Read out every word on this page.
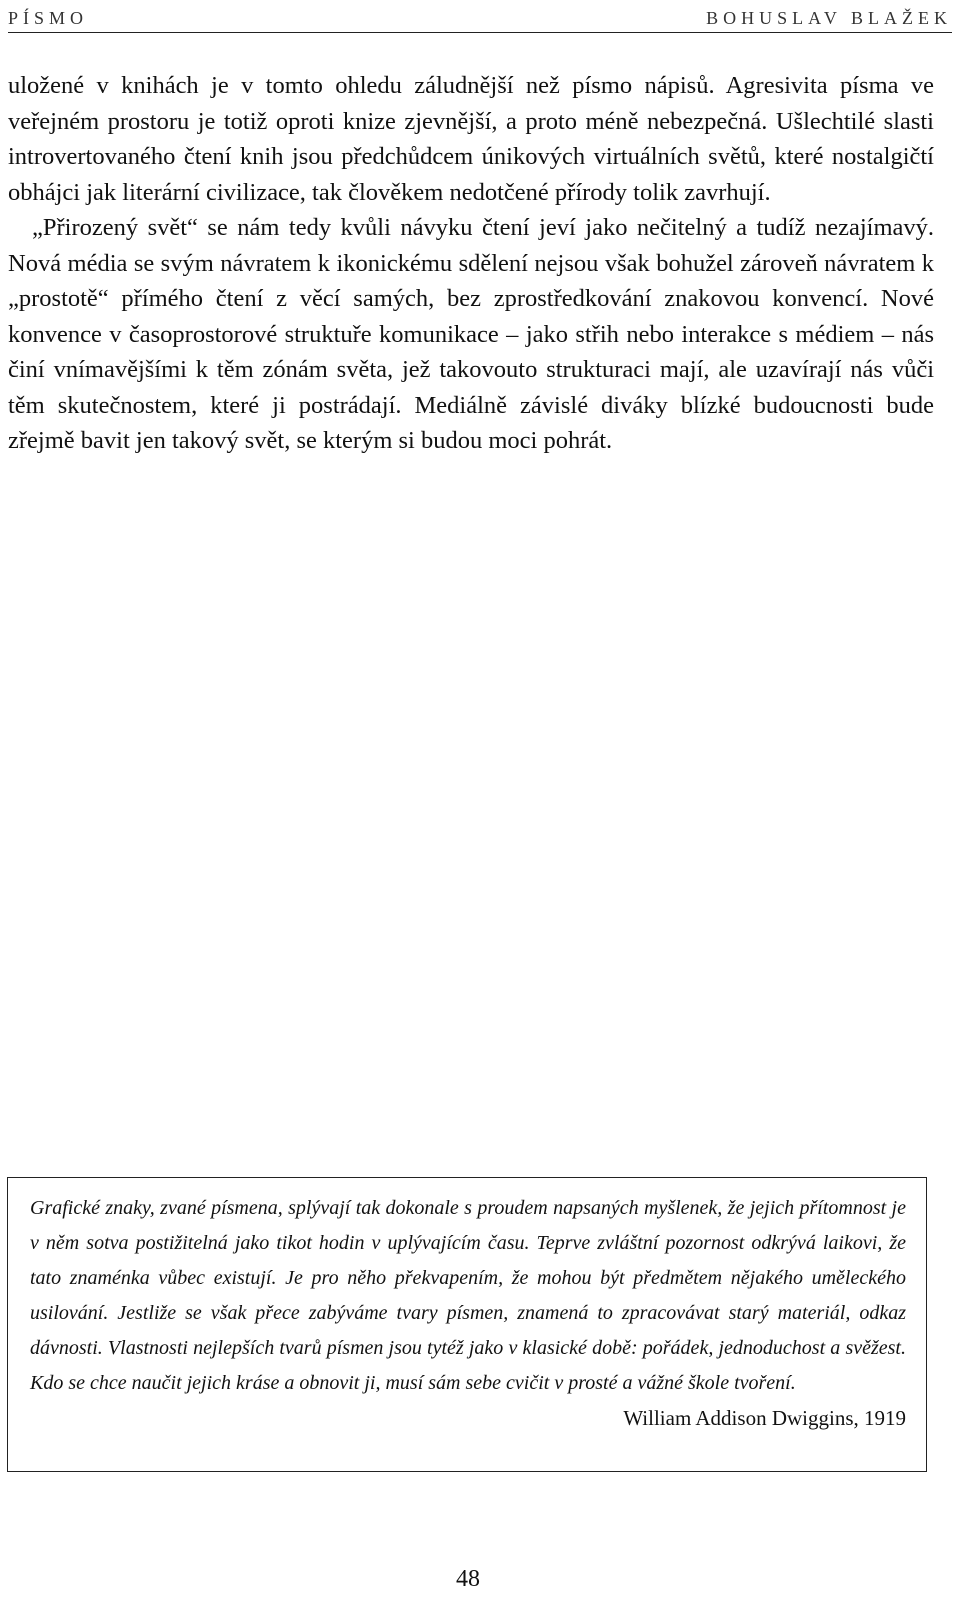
PÍSMO	BOHUSLAV BLAŽEK

uložené v knihách je v tomto ohledu záludnější než písmo nápisů. Agresivita písma ve veřejném prostoru je totiž oproti knize zjevnější, a proto méně nebezpečná. Ušlechtilé slasti introvertovaného čtení knih jsou předchůdcem únikových virtuálních světů, které nostalgičtí obhájci jak literární civilizace, tak člověkem nedotčené přírody tolik zavrhují.

„Přirozený svět“ se nám tedy kvůli návyku čtení jeví jako nečitelný a tudíž nezajímavý. Nová média se svým návratem k ikonickému sdělení nejsou však bohužel zároveň návratem k „prostotě“ přímého čtení z věcí samých, bez zprostředkování znakovou konvencí. Nové konvence v časoprostorové struktuře komunikace – jako střih nebo interakce s médiem – nás činí vnímavějšími k těm zónám světa, jež takovouto strukturaci mají, ale uzavírají nás vůči těm skutečnostem, které ji postrádají. Mediálně závislé diváky blízké budoucnosti bude zřejmě bavit jen takový svět, se kterým si budou moci pohrát.

Grafické znaky, zvané písmena, splývají tak dokonale s proudem napsaných myšlenek, že jejich přítomnost je v něm sotva postižitelná jako tikot hodin v uplývajícím času. Teprve zvláštní pozornost odkrývá laikovi, že tato znaménka vůbec existují. Je pro něho překvapením, že mohou být předmětem nějakého uměleckého usilování. Jestliže se však přece zabýváme tvary písmen, znamená to zpracovávat starý materiál, odkaz dávnosti. Vlastnosti nejlepších tvarů písmen jsou tytéž jako v klasické době: pořádek, jednoduchost a svěžest. Kdo se chce naučit jejich krásе a obnovit ji, musí sám sebe cvičit v prosté a vážné škole tvoření.

William Addison Dwiggins, 1919

48
